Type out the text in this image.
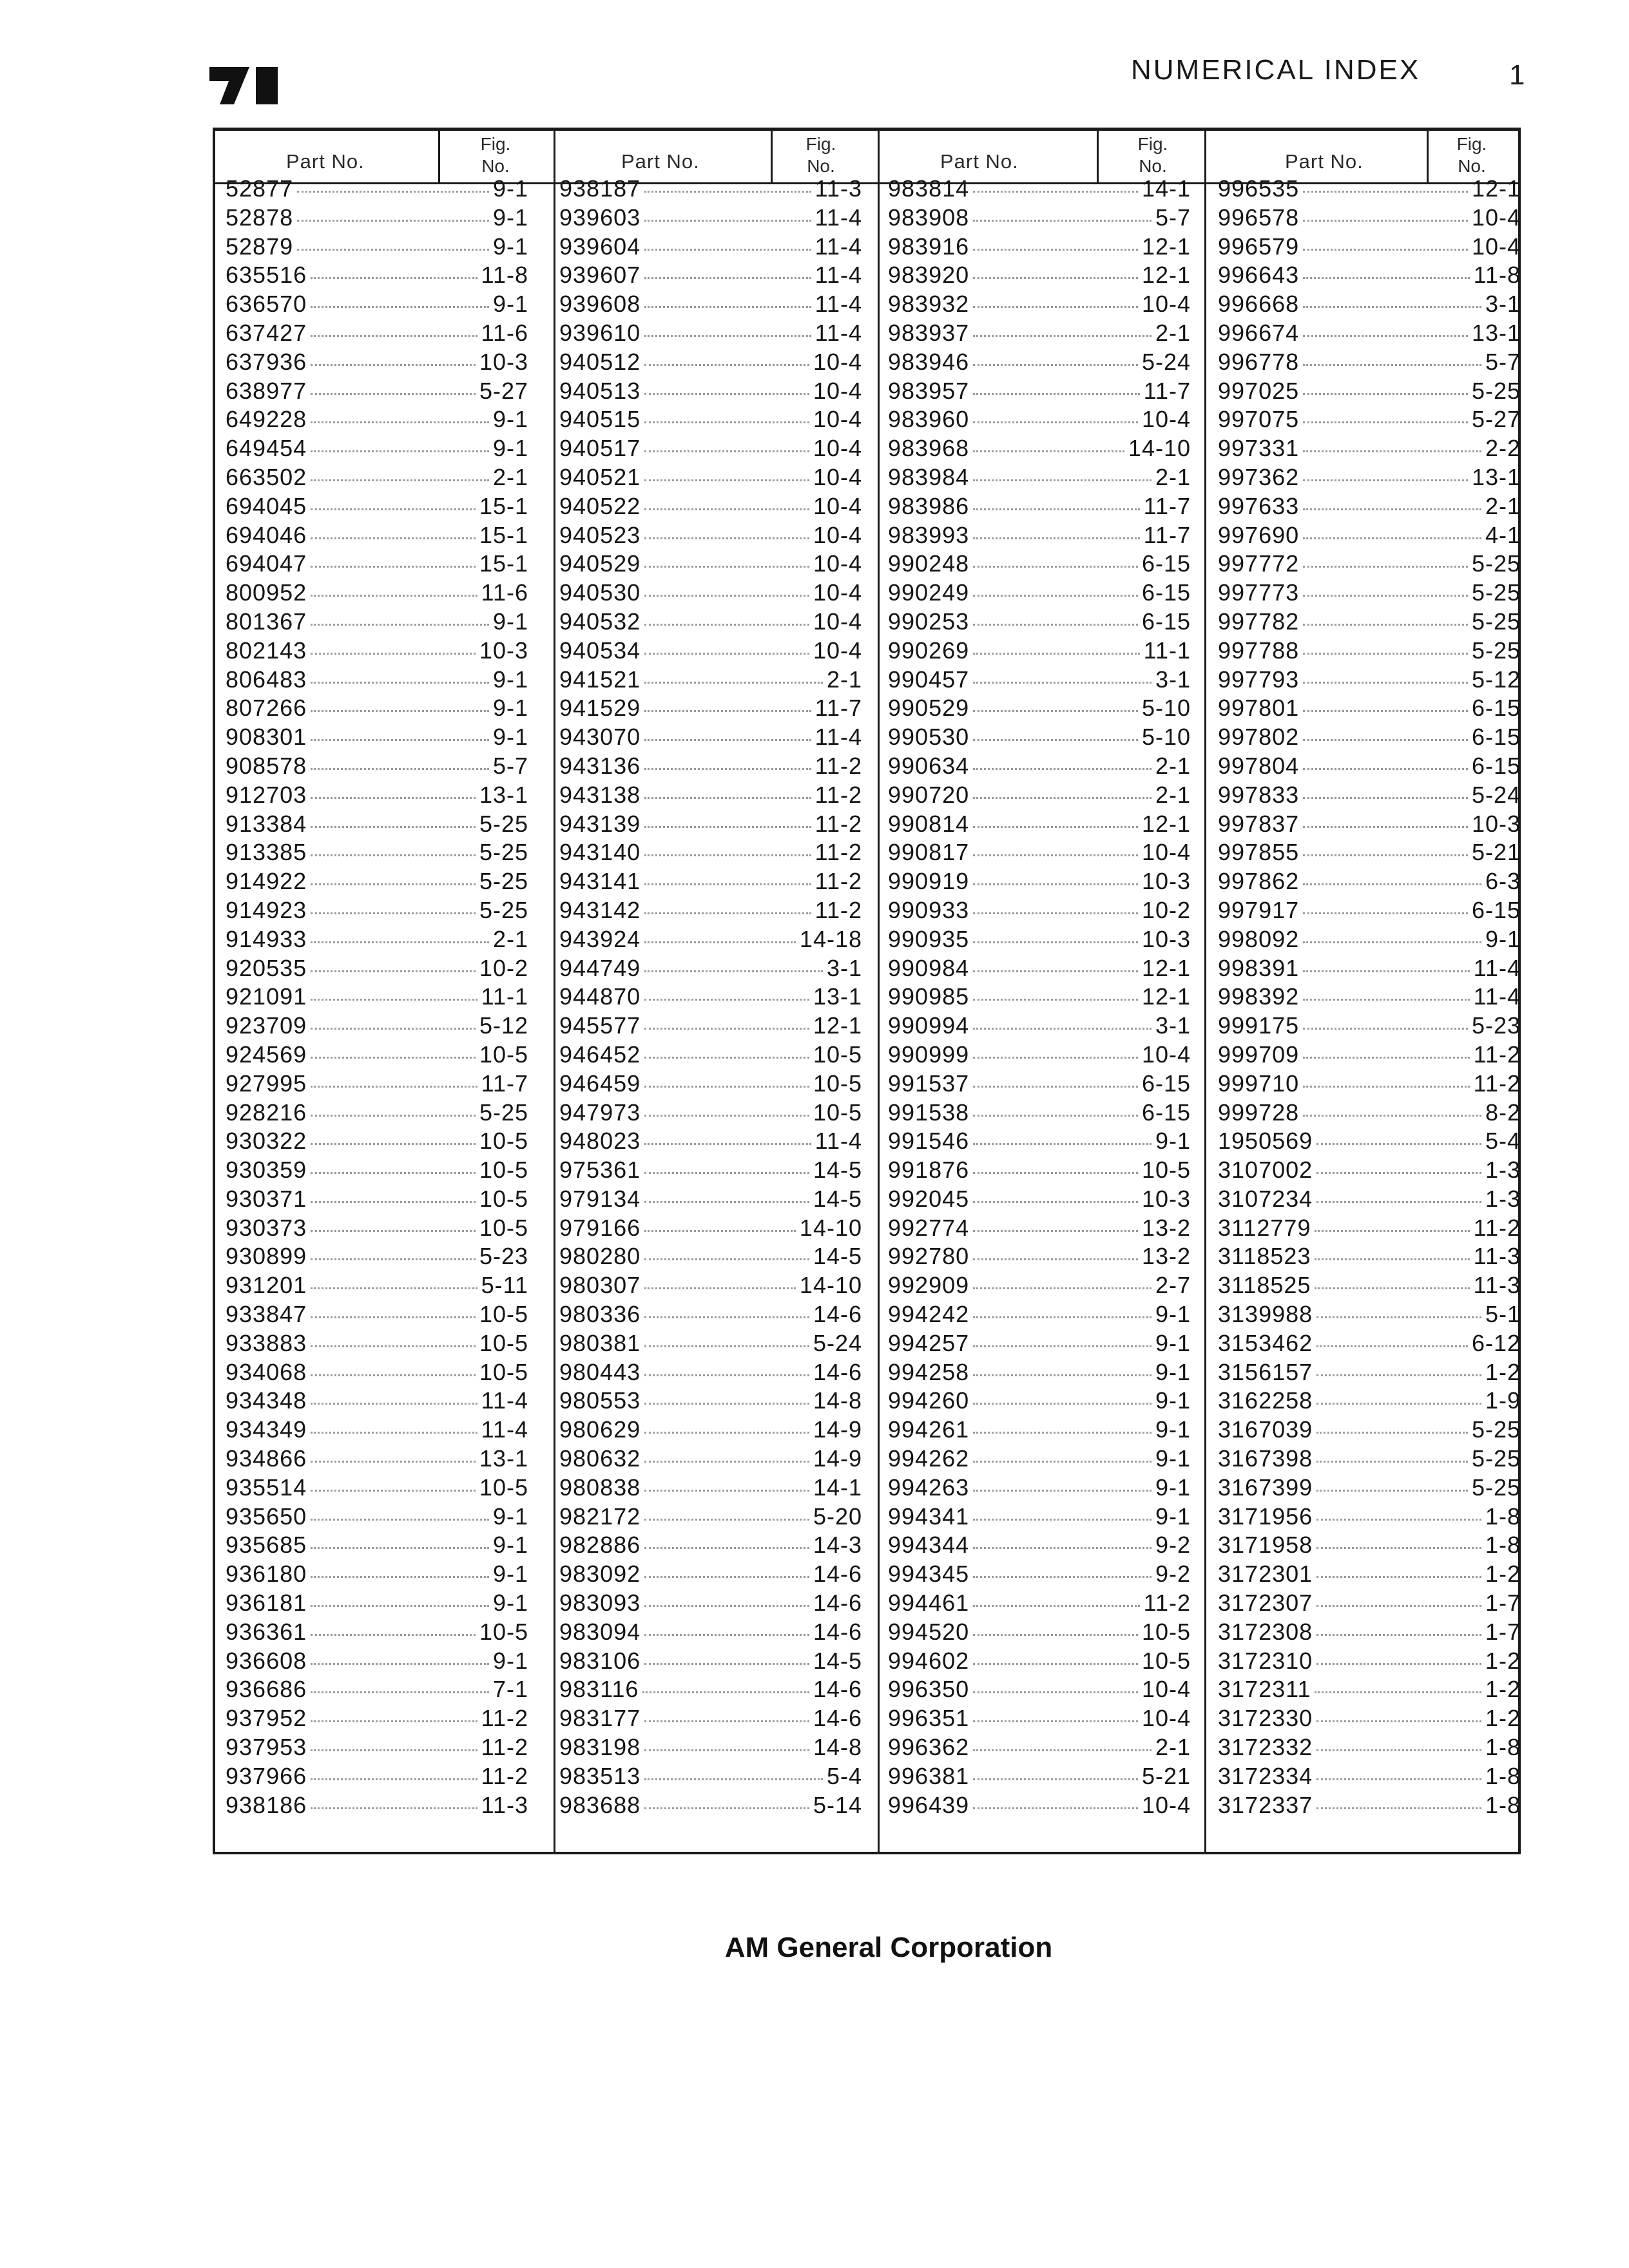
NUMERICAL INDEX	1
Part No.
Fig.
No.	Part No.
Fig.
No.	Part No.
Fig.
No.	Part No.
Fig.
No.
52877	9-1
52878	9-1
52879	9-1
635516	11-8
636570	9-1
637427	11-6
637936	10-3
638977	5-27
649228	9-1
649454	9-1
663502	2-1
694045	15-1
694046	15-1
694047	15-1
800952	11-6
801367	9-1
802143	10-3
806483	9-1
807266	9-1
908301	9-1
908578	5-7
912703	13-1
913384	5-25
913385	5-25
914922	5-25
914923	5-25
914933	2-1
920535	10-2
921091	11-1
923709	5-12
924569	10-5
927995	11-7
928216	5-25
930322	10-5
930359	10-5
930371	10-5
930373	10-5
930899	5-23
931201	5-11
933847	10-5
933883	10-5
934068	10-5
934348	11-4
934349	11-4
934866	13-1
935514	10-5
935650	9-1
935685	9-1
936180	9-1
936181	9-1
936361	10-5
936608	9-1
936686	7-1
937952	11-2
937953	11-2
937966	11-2
938186	11-3
938187	11-3
939603	11-4
939604	11-4
939607	11-4
939608	11-4
939610	11-4
940512	10-4
940513	10-4
940515	10-4
940517	10-4
940521	10-4
940522	10-4
940523	10-4
940529	10-4
940530	10-4
940532	10-4
940534	10-4
941521	2-1
941529	11-7
943070	11-4
943136	11-2
943138	11-2
943139	11-2
943140	11-2
943141	11-2
943142	11-2
943924	14-18
944749	3-1
944870	13-1
945577	12-1
946452	10-5
946459	10-5
947973	10-5
948023	11-4
975361	14-5
979134	14-5
979166	14-10
980280	14-5
980307	14-10
980336	14-6
980381	5-24
980443	14-6
980553	14-8
980629	14-9
980632	14-9
980838	14-1
982172	5-20
982886	14-3
983092	14-6
983093	14-6
983094	14-6
983106	14-5
983116	14-6
983177	14-6
983198	14-8
983513	5-4
983688	5-14
983814	14-1
983908	5-7
983916	12-1
983920	12-1
983932	10-4
983937	2-1
983946	5-24
983957	11-7
983960	10-4
983968	14-10
983984	2-1
983986	11-7
983993	11-7
990248	6-15
990249	6-15
990253	6-15
990269	11-1
990457	3-1
990529	5-10
990530	5-10
990634	2-1
990720	2-1
990814	12-1
990817	10-4
990919	10-3
990933	10-2
990935	10-3
990984	12-1
990985	12-1
990994	3-1
990999	10-4
991537	6-15
991538	6-15
991546	9-1
991876	10-5
992045	10-3
992774	13-2
992780	13-2
992909	2-7
994242	9-1
994257	9-1
994258	9-1
994260	9-1
994261	9-1
994262	9-1
994263	9-1
994341	9-1
994344	9-2
994345	9-2
994461	11-2
994520	10-5
994602	10-5
996350	10-4
996351	10-4
996362	2-1
996381	5-21
996439	10-4
996535	12-1
996578	10-4
996579	10-4
996643	11-8
996668	3-1
996674	13-1
996778	5-7
997025	5-25
997075	5-27
997331	2-2
997362	13-1
997633	2-1
997690	4-1
997772	5-25
997773	5-25
997782	5-25
997788	5-25
997793	5-12
997801	6-15
997802	6-15
997804	6-15
997833	5-24
997837	10-3
997855	5-21
997862	6-3
997917	6-15
998092	9-1
998391	11-4
998392	11-4
999175	5-23
999709	11-2
999710	11-2
999728	8-2
1950569	5-4
3107002	1-3
3107234	1-3
3112779	11-2
3118523	11-3
3118525	11-3
3139988	5-1
3153462	6-12
3156157	1-2
3162258	1-9
3167039	5-25
3167398	5-25
3167399	5-25
3171956	1-8
3171958	1-8
3172301	1-2
3172307	1-7
3172308	1-7
3172310	1-2
3172311	1-2
3172330	1-2
3172332	1-8
3172334	1-8
3172337	1-8
AM General Corporation
